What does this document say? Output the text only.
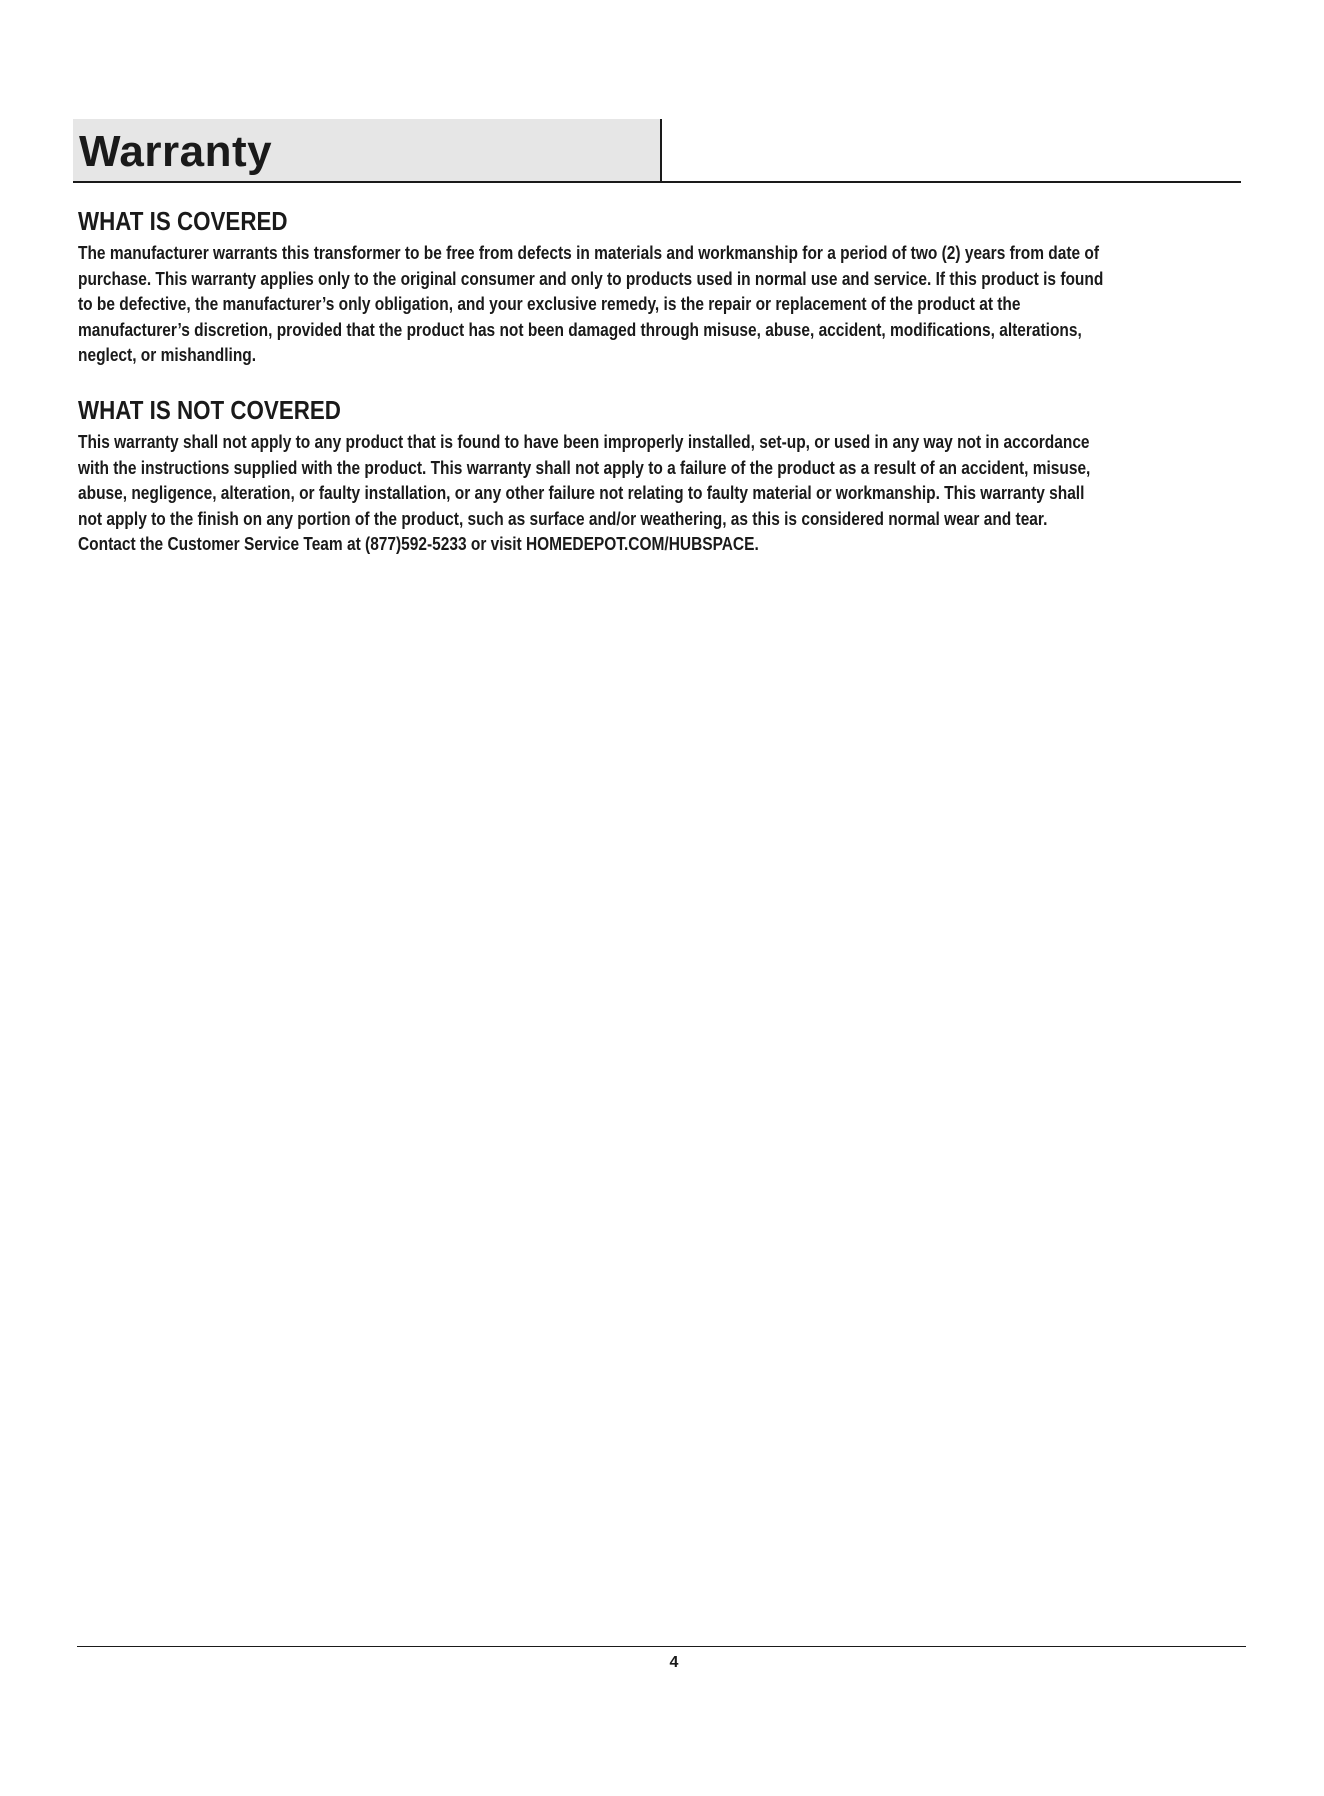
Warranty
WHAT IS COVERED
The manufacturer warrants this transformer to be free from defects in materials and workmanship for a period of two (2) years from date of
purchase. This warranty applies only to the original consumer and only to products used in normal use and service. If this product is found
to be defective, the manufacturer’s only obligation, and your exclusive remedy, is the repair or replacement of the product at the
manufacturer’s discretion, provided that the product has not been damaged through misuse, abuse, accident, modifications, alterations,
neglect, or mishandling.
WHAT IS NOT COVERED
This warranty shall not apply to any product that is found to have been improperly installed, set-up, or used in any way not in accordance
with the instructions supplied with the product. This warranty shall not apply to a failure of the product as a result of an accident, misuse,
abuse, negligence, alteration, or faulty installation, or any other failure not relating to faulty material or workmanship. This warranty shall
not apply to the finish on any portion of the product, such as surface and/or weathering, as this is considered normal wear and tear.
Contact the Customer Service Team at (877)592-5233 or visit HOMEDEPOT.COM/HUBSPACE.
4
